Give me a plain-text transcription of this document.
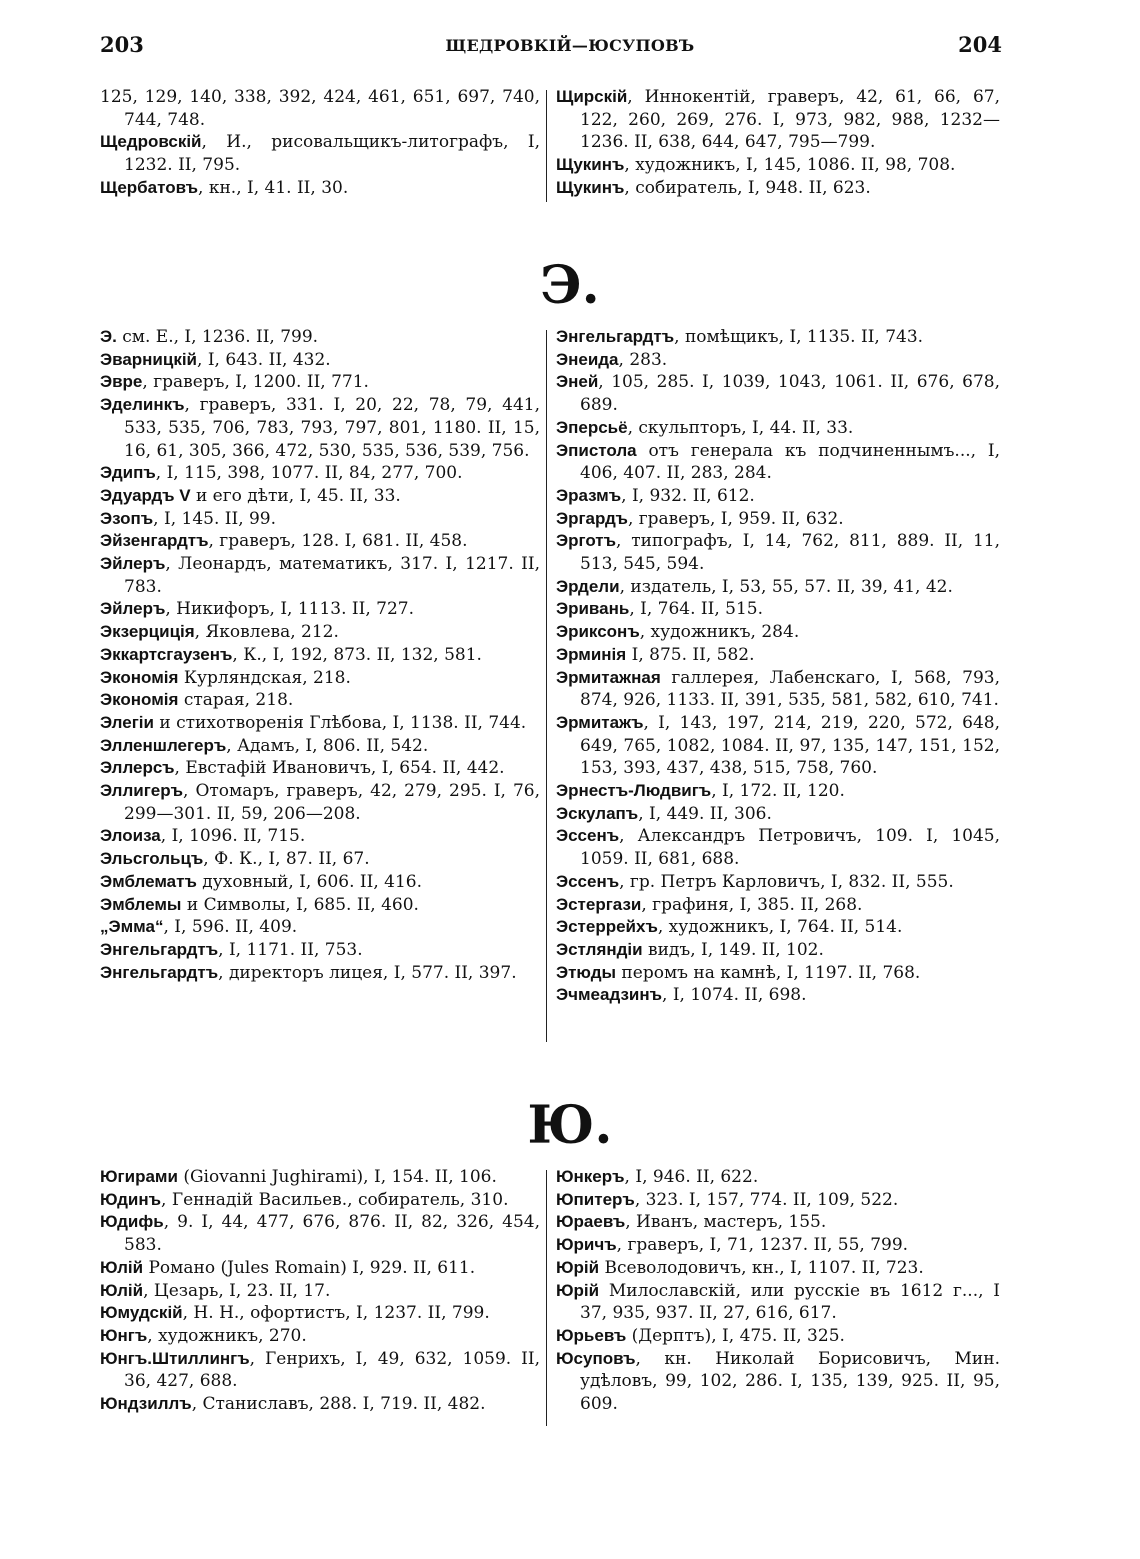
203	ЩЕДРОВКІЙ—ЮСУПОВЪ	204
125, 129, 140, 338, 392, 424, 461, 651, 697, 740, 744, 748.
Щедровскій, И., рисовальщикъ-литографъ, I, 1232. II, 795.
Щербатовъ, кн., I, 41. II, 30.
Щирскій, Иннокентій, граверъ, 42, 61, 66, 67, 122, 260, 269, 276. I, 973, 982, 988, 1232—1236. II, 638, 644, 647, 795—799.
Щукинъ, художникъ, I, 145, 1086. II, 98, 708.
Щукинъ, собиратель, I, 948. II, 623.
Э.
Э. см. Е., I, 1236. II, 799.
Эварницкій, I, 643. II, 432.
Эвре, граверъ, I, 1200. II, 771.
Эделинкъ, граверъ, 331. I, 20, 22, 78, 79, 441, 533, 535, 706, 783, 793, 797, 801, 1180. II, 15, 16, 61, 305, 366, 472, 530, 535, 536, 539, 756.
Эдипъ, I, 115, 398, 1077. II, 84, 277, 700.
Эдуардъ V и его дѣти, I, 45. II, 33.
Эзопъ, I, 145. II, 99.
Эйзенгардтъ, граверъ, 128. I, 681. II, 458.
Эйлеръ, Леонардъ, математикъ, 317. I, 1217. II, 783.
Эйлеръ, Никифоръ, I, 1113. II, 727.
Экзерциція, Яковлева, 212.
Эккартсгаузенъ, К., I, 192, 873. II, 132, 581.
Экономія Курляндская, 218.
Экономія старая, 218.
Элегіи и стихотворенія Глѣбова, I, 1138. II, 744.
Элленшлегеръ, Адамъ, I, 806. II, 542.
Эллерсъ, Евстафій Ивановичъ, I, 654. II, 442.
Эллигеръ, Отомаръ, граверъ, 42, 279, 295. I, 76, 299—301. II, 59, 206—208.
Элоиза, I, 1096. II, 715.
Эльсгольцъ, Ф. К., I, 87. II, 67.
Эмблематъ духовный, I, 606. II, 416.
Эмблемы и Символы, I, 685. II, 460.
„Эмма“, I, 596. II, 409.
Энгельгардтъ, I, 1171. II, 753.
Энгельгардтъ, директоръ лицея, I, 577. II, 397.
Энгельгардтъ, помѣщикъ, I, 1135. II, 743.
Энеида, 283.
Эней, 105, 285. I, 1039, 1043, 1061. II, 676, 678, 689.
Эперсьё, скульпторъ, I, 44. II, 33.
Эпистола отъ генерала къ подчиненнымъ..., I, 406, 407. II, 283, 284.
Эразмъ, I, 932. II, 612.
Эргардъ, граверъ, I, 959. II, 632.
Эрготъ, типографъ, I, 14, 762, 811, 889. II, 11, 513, 545, 594.
Эрдели, издатель, I, 53, 55, 57. II, 39, 41, 42.
Эривань, I, 764. II, 515.
Эриксонъ, художникъ, 284.
Эрминія I, 875. II, 582.
Эрмитажная галлерея, Лабенскаго, I, 568, 793, 874, 926, 1133. II, 391, 535, 581, 582, 610, 741.
Эрмитажъ, I, 143, 197, 214, 219, 220, 572, 648, 649, 765, 1082, 1084. II, 97, 135, 147, 151, 152, 153, 393, 437, 438, 515, 758, 760.
Эрнестъ-Людвигъ, I, 172. II, 120.
Эскулапъ, I, 449. II, 306.
Эссенъ, Александръ Петровичъ, 109. I, 1045, 1059. II, 681, 688.
Эссенъ, гр. Петръ Карловичъ, I, 832. II, 555.
Эстергази, графиня, I, 385. II, 268.
Эстеррейхъ, художникъ, I, 764. II, 514.
Эстляндіи видъ, I, 149. II, 102.
Этюды перомъ на камнѣ, I, 1197. II, 768.
Эчмеадзинъ, I, 1074. II, 698.
Ю.
Югирами (Giovanni Jughirami), I, 154. II, 106.
Юдинъ, Геннадій Васильев., собиратель, 310.
Юдифь, 9. I, 44, 477, 676, 876. II, 82, 326, 454, 583.
Юлій Романо (Jules Romain) I, 929. II, 611.
Юлій, Цезарь, I, 23. II, 17.
Юмудскій, Н. Н., офортистъ, I, 1237. II, 799.
Юнгъ, художникъ, 270.
Юнгъ.Штиллингъ, Генрихъ, I, 49, 632, 1059. II, 36, 427, 688.
Юндзиллъ, Станиславъ, 288. I, 719. II, 482.
Юнкеръ, I, 946. II, 622.
Юпитеръ, 323. I, 157, 774. II, 109, 522.
Юраевъ, Иванъ, мастеръ, 155.
Юричъ, граверъ, I, 71, 1237. II, 55, 799.
Юрій Всеволодовичъ, кн., I, 1107. II, 723.
Юрій Милославскій, или русскіе въ 1612 г..., I 37, 935, 937. II, 27, 616, 617.
Юрьевъ (Дерптъ), I, 475. II, 325.
Юсуповъ, кн. Николай Борисовичъ, Мин. удѣловъ, 99, 102, 286. I, 135, 139, 925. II, 95, 609.
